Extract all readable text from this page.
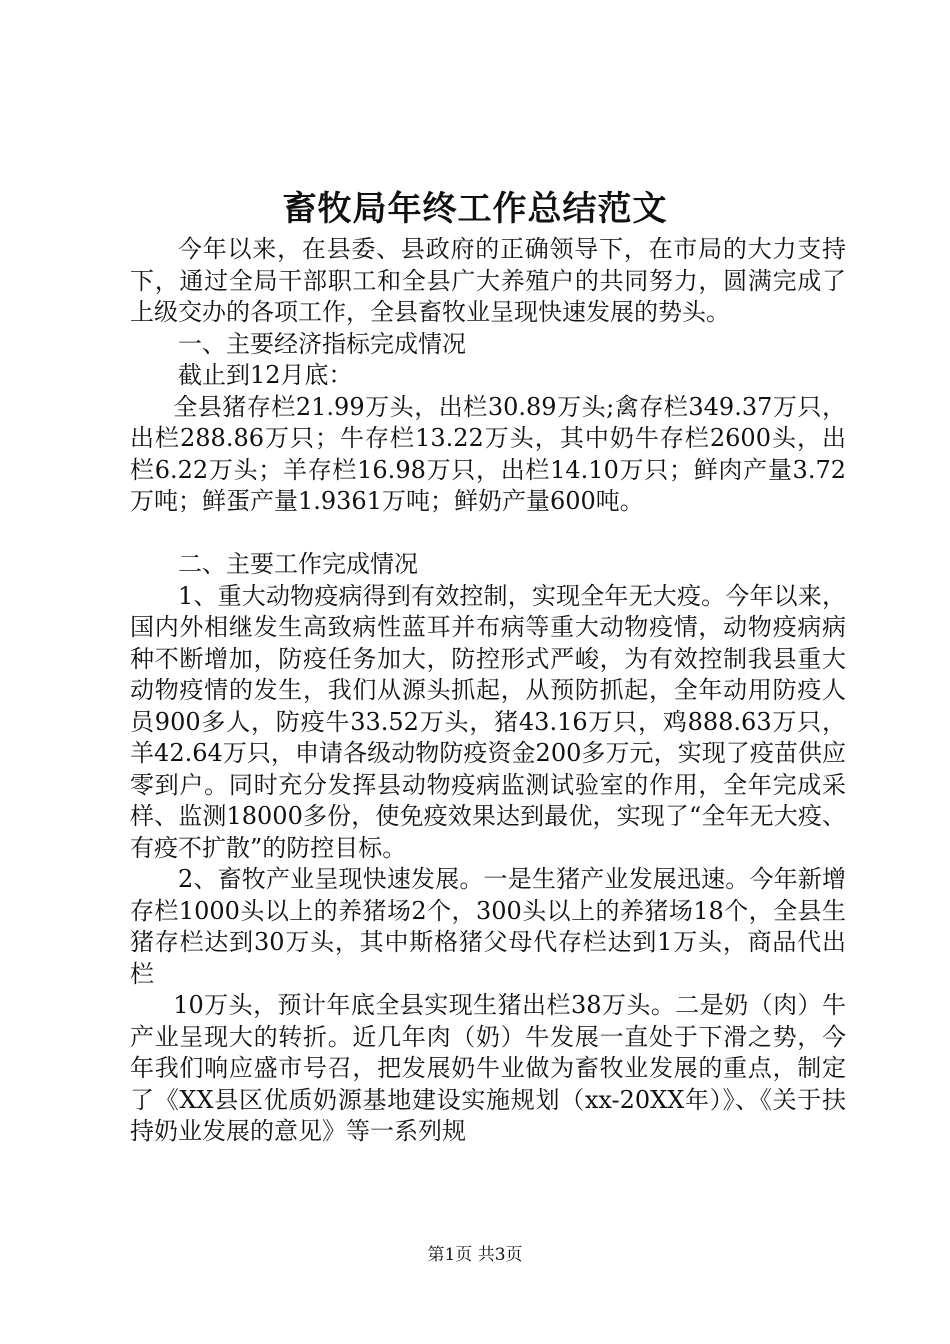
畜牧局年终工作总结范文

今年以来，在县委、县政府的正确领导下，在市局的大力支持下，通过全局干部职工和全县广大养殖户的共同努力，圆满完成了上级交办的各项工作，全县畜牧业呈现快速发展的势头。

一、主要经济指标完成情况

截止到12月底：

全县猪存栏21.99万头，出栏30.89万头;禽存栏349.37万只，出栏288.86万只；牛存栏13.22万头，其中奶牛存栏2600头，出栏6.22万头；羊存栏16.98万只，出栏14.10万只；鲜肉产量3.72万吨；鲜蛋产量1.9361万吨；鲜奶产量600吨。

二、主要工作完成情况

1、重大动物疫病得到有效控制，实现全年无大疫。今年以来，国内外相继发生高致病性蓝耳并布病等重大动物疫情，动物疫病病种不断增加，防疫任务加大，防控形式严峻，为有效控制我县重大动物疫情的发生，我们从源头抓起，从预防抓起，全年动用防疫人员900多人，防疫牛33.52万头，猪43.16万只，鸡888.63万只，羊42.64万只，申请各级动物防疫资金200多万元，实现了疫苗供应零到户。同时充分发挥县动物疫病监测试验室的作用，全年完成采样、监测18000多份，使免疫效果达到最优，实现了“全年无大疫、有疫不扩散”的防控目标。

2、畜牧产业呈现快速发展。一是生猪产业发展迅速。今年新增存栏1000头以上的养猪场2个，300头以上的养猪场18个，全县生猪存栏达到30万头，其中斯格猪父母代存栏达到1万头，商品代出栏

10万头，预计年底全县实现生猪出栏38万头。二是奶（肉）牛产业呈现大的转折。近几年肉（奶）牛发展一直处于下滑之势，今年我们响应盛市号召，把发展奶牛业做为畜牧业发展的重点，制定了《XX县区优质奶源基地建设实施规划（xx-20XX年）》、《关于扶持奶业发展的意见》等一系列规

第1页 共3页
